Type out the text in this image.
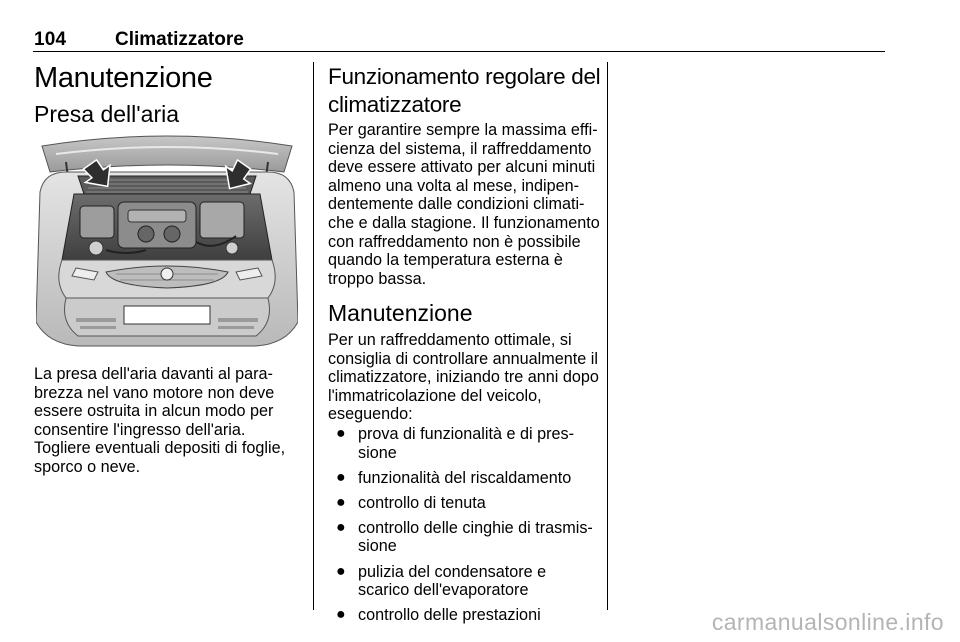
104	Climatizzatore
Manutenzione
Presa dell'aria
La presa dell'aria davanti al para-
brezza nel vano motore non deve
essere ostruita in alcun modo per
consentire l'ingresso dell'aria.
Togliere eventuali depositi di foglie,
sporco o neve.
Funzionamento regolare del
climatizzatore
Per garantire sempre la massima effi-
cienza del sistema, il raffreddamento
deve essere attivato per alcuni minuti
almeno una volta al mese, indipen-
dentemente dalle condizioni climati-
che e dalla stagione. Il funzionamento
con raffreddamento non è possibile
quando la temperatura esterna è
troppo bassa.
Manutenzione
Per un raffreddamento ottimale, si
consiglia di controllare annualmente il
climatizzatore, iniziando tre anni dopo
l'immatricolazione del veicolo,
eseguendo:
● prova di funzionalità e di pres-
sione
● funzionalità del riscaldamento
● controllo di tenuta
● controllo delle cinghie di trasmis-
sione
● pulizia del condensatore e
scarico dell'evaporatore
● controllo delle prestazioni	carmanualsonline.info
